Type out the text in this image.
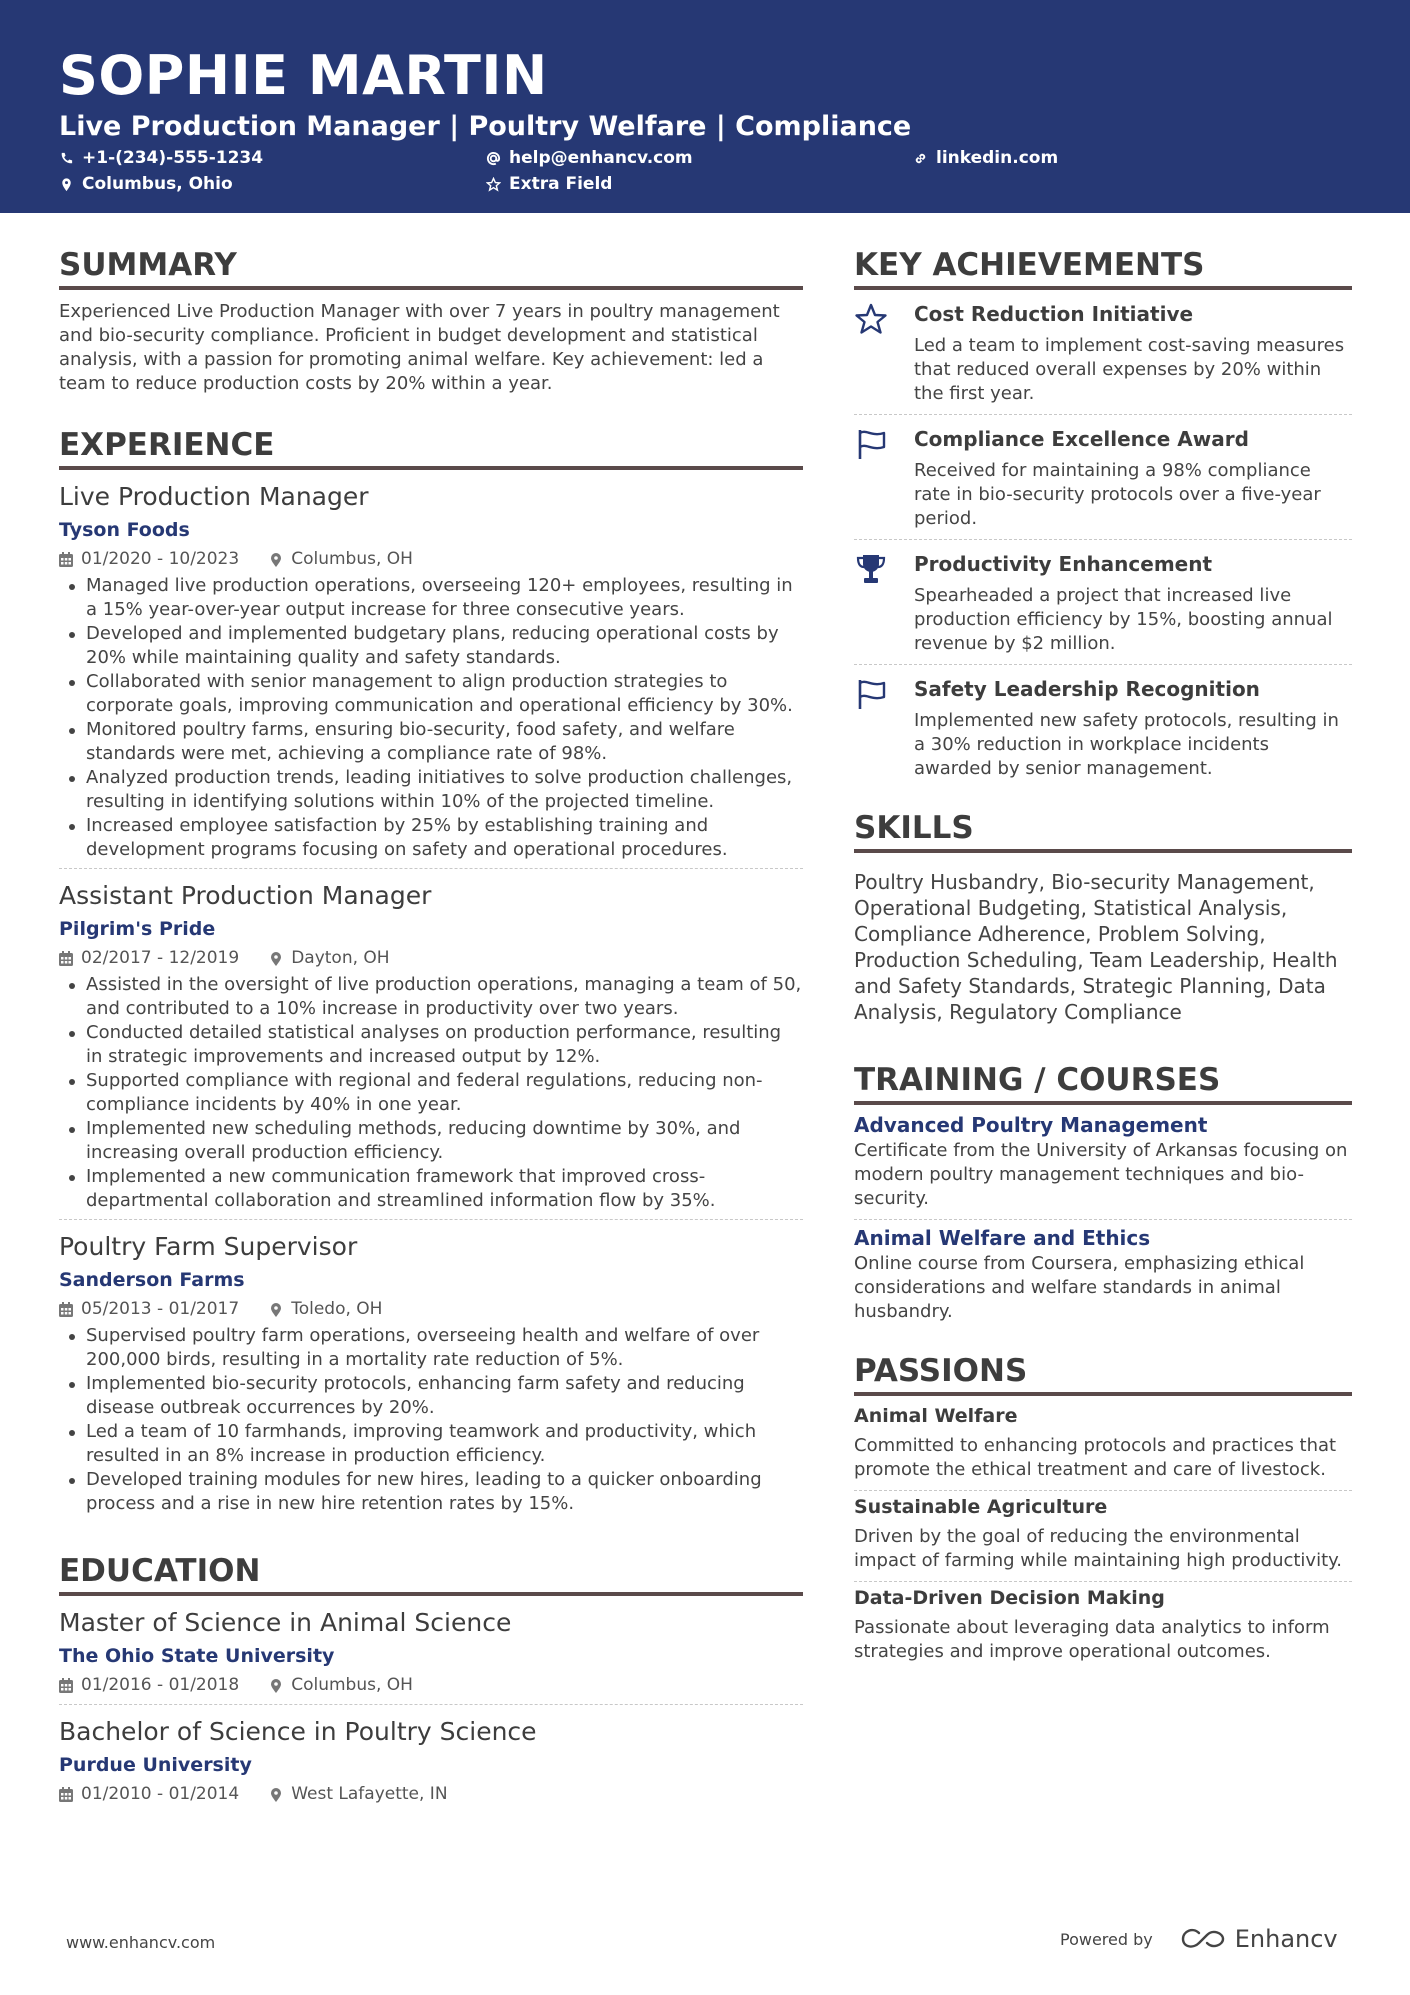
SOPHIE MARTIN
Live Production Manager | Poultry Welfare | Compliance
+1-(234)-555-1234	help@enhancv.com	linkedin.com
Columbus, Ohio	Extra Field
SUMMARY
Experienced Live Production Manager with over 7 years in poultry management and bio-security compliance. Proficient in budget development and statistical analysis, with a passion for promoting animal welfare. Key achievement: led a team to reduce production costs by 20% within a year.
EXPERIENCE
Live Production Manager
Tyson Foods
01/2020 - 10/2023	Columbus, OH
Managed live production operations, overseeing 120+ employees, resulting in a 15% year-over-year output increase for three consecutive years.
Developed and implemented budgetary plans, reducing operational costs by 20% while maintaining quality and safety standards.
Collaborated with senior management to align production strategies to corporate goals, improving communication and operational efficiency by 30%.
Monitored poultry farms, ensuring bio-security, food safety, and welfare standards were met, achieving a compliance rate of 98%.
Analyzed production trends, leading initiatives to solve production challenges, resulting in identifying solutions within 10% of the projected timeline.
Increased employee satisfaction by 25% by establishing training and development programs focusing on safety and operational procedures.
Assistant Production Manager
Pilgrim's Pride
02/2017 - 12/2019	Dayton, OH
Assisted in the oversight of live production operations, managing a team of 50, and contributed to a 10% increase in productivity over two years.
Conducted detailed statistical analyses on production performance, resulting in strategic improvements and increased output by 12%.
Supported compliance with regional and federal regulations, reducing non-compliance incidents by 40% in one year.
Implemented new scheduling methods, reducing downtime by 30%, and increasing overall production efficiency.
Implemented a new communication framework that improved cross-departmental collaboration and streamlined information flow by 35%.
Poultry Farm Supervisor
Sanderson Farms
05/2013 - 01/2017	Toledo, OH
Supervised poultry farm operations, overseeing health and welfare of over 200,000 birds, resulting in a mortality rate reduction of 5%.
Implemented bio-security protocols, enhancing farm safety and reducing disease outbreak occurrences by 20%.
Led a team of 10 farmhands, improving teamwork and productivity, which resulted in an 8% increase in production efficiency.
Developed training modules for new hires, leading to a quicker onboarding process and a rise in new hire retention rates by 15%.
EDUCATION
Master of Science in Animal Science
The Ohio State University
01/2016 - 01/2018	Columbus, OH
Bachelor of Science in Poultry Science
Purdue University
01/2010 - 01/2014	West Lafayette, IN
KEY ACHIEVEMENTS
Cost Reduction Initiative
Led a team to implement cost-saving measures that reduced overall expenses by 20% within the first year.
Compliance Excellence Award
Received for maintaining a 98% compliance rate in bio-security protocols over a five-year period.
Productivity Enhancement
Spearheaded a project that increased live production efficiency by 15%, boosting annual revenue by $2 million.
Safety Leadership Recognition
Implemented new safety protocols, resulting in a 30% reduction in workplace incidents awarded by senior management.
SKILLS
Poultry Husbandry, Bio-security Management, Operational Budgeting, Statistical Analysis, Compliance Adherence, Problem Solving, Production Scheduling, Team Leadership, Health and Safety Standards, Strategic Planning, Data Analysis, Regulatory Compliance
TRAINING / COURSES
Advanced Poultry Management
Certificate from the University of Arkansas focusing on modern poultry management techniques and bio-security.
Animal Welfare and Ethics
Online course from Coursera, emphasizing ethical considerations and welfare standards in animal husbandry.
PASSIONS
Animal Welfare
Committed to enhancing protocols and practices that promote the ethical treatment and care of livestock.
Sustainable Agriculture
Driven by the goal of reducing the environmental impact of farming while maintaining high productivity.
Data-Driven Decision Making
Passionate about leveraging data analytics to inform strategies and improve operational outcomes.
www.enhancv.com	Powered by	Enhancv
